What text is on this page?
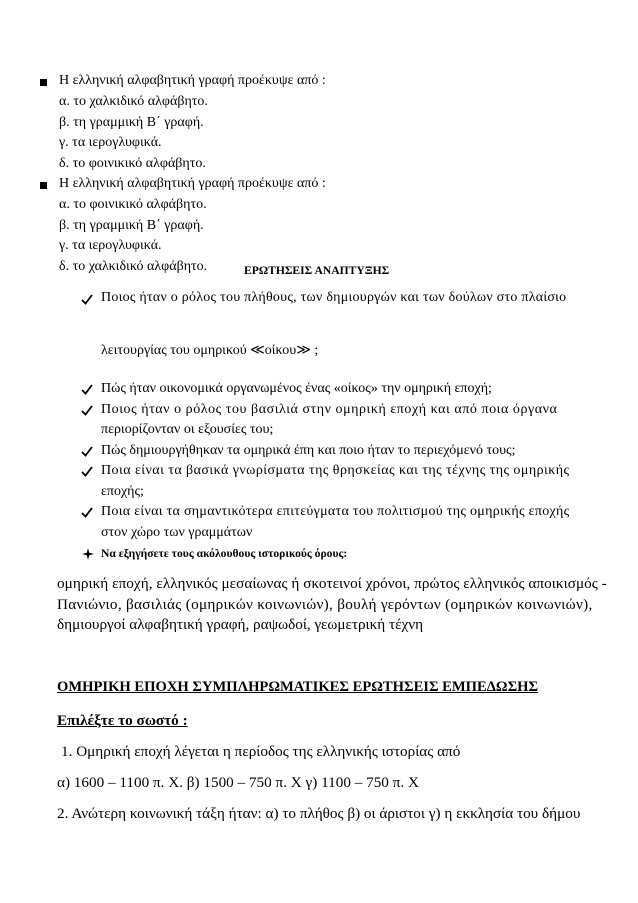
Η ελληνική αλφαβητική γραφή προέκυψε από :
α. το χαλκιδικό αλφάβητο.
β. τη γραμμική Β΄ γραφή.
γ. τα ιερογλυφικά.
δ. το φοινικικό αλφάβητο.
Η ελληνική αλφαβητική γραφή προέκυψε από :
α. το φοινικικό αλφάβητο.
β. τη γραμμική Β΄ γραφή.
γ. τα ιερογλυφικά.
δ. το χαλκιδικό αλφάβητο.	ΕΡΩΤΗΣΕΙΣ ΑΝΑΠΤΥΞΗΣ
Ποιος ήταν ο ρόλος του πλήθους, των δημιουργών και των δούλων στο πλαίσιο
λειτουργίας του ομηρικού ≪οίκου≫ ;
Πώς ήταν οικονομικά οργανωμένος ένας «οίκος» την ομηρική εποχή;
Ποιος ήταν ο ρόλος του βασιλιά στην ομηρική εποχή και από ποια όργανα
περιορίζονταν οι εξουσίες του;
Πώς δημιουργήθηκαν τα ομηρικά έπη και ποιο ήταν το περιεχόμενό τους;
Ποια είναι τα βασικά γνωρίσματα της θρησκείας και της τέχνης της ομηρικής
εποχής;
Ποια είναι τα σημαντικότερα επιτεύγματα του πολιτισμού της ομηρικής εποχής
στον χώρο των γραμμάτων
Να εξηγήσετε τους ακόλουθους ιστορικούς όρους:
ομηρική εποχή, ελληνικός μεσαίωνας ή σκοτεινοί χρόνοι, πρώτος ελληνικός αποικισμός -
Πανιώνιο, βασιλιάς (ομηρικών κοινωνιών), βουλή γερόντων (ομηρικών κοινωνιών),
δημιουργοί αλφαβητική γραφή, ραψωδοί, γεωμετρική τέχνη
ΟΜΗΡΙΚΗ ΕΠΟΧΗ ΣΥΜΠΛΗΡΩΜΑΤΙΚΕΣ ΕΡΩΤΗΣΕΙΣ ΕΜΠΕΔΩΣΗΣ
Επιλέξτε το σωστό :
1. Ομηρική εποχή λέγεται η περίοδος της ελληνικής ιστορίας από
α) 1600 – 1100 π. Χ. β) 1500 – 750 π. Χ γ) 1100 – 750 π. Χ
2. Ανώτερη κοινωνική τάξη ήταν: α) το πλήθος β) οι άριστοι γ) η εκκλησία του δήμου
